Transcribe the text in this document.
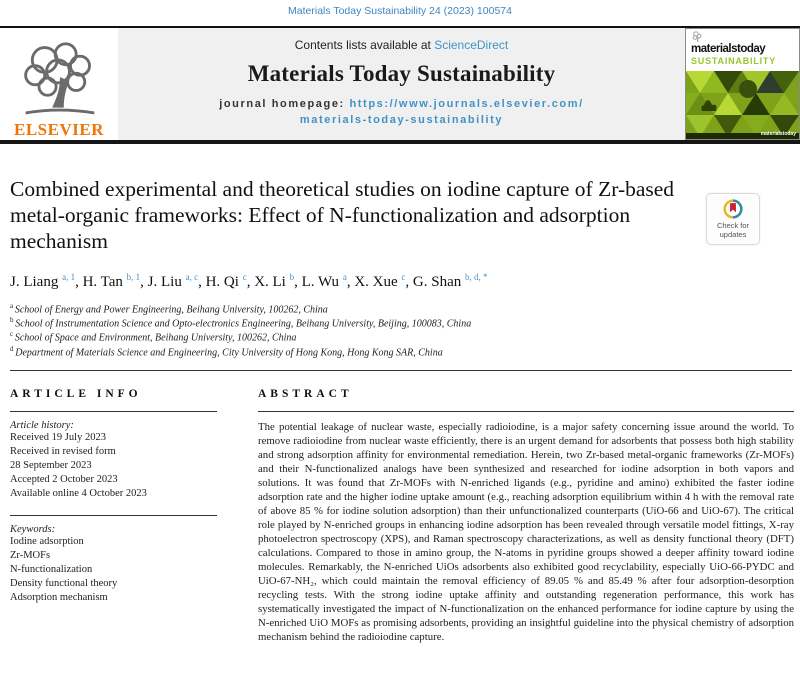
Materials Today Sustainability 24 (2023) 100574
ELSEVIER
Contents lists available at ScienceDirect
Materials Today Sustainability
journal homepage: https://www.journals.elsevier.com/
materials-today-sustainability
materialstoday
SUSTAINABILITY
materialstoday
Combined experimental and theoretical studies on iodine capture of Zr-based metal-organic frameworks: Effect of N-functionalization and adsorption mechanism
Check for updates
J. Liang $^{a, 1}$, H. Tan $^{b, 1}$, J. Liu $^{a, c}$, H. Qi $^c$, X. Li $^b$, L. Wu $^a$, X. Xue $^c$, G. Shan $^{b, d, *}$
$^a$ School of Energy and Power Engineering, Beihang University, 100262, China
$^b$ School of Instrumentation Science and Opto-electronics Engineering, Beihang University, Beijing, 100083, China
$^c$ School of Space and Environment, Beihang University, 100262, China
$^d$ Department of Materials Science and Engineering, City University of Hong Kong, Hong Kong SAR, China
ARTICLE INFO
Article history:
Received 19 July 2023
Received in revised form
28 September 2023
Accepted 2 October 2023
Available online 4 October 2023
Keywords:
Iodine adsorption
Zr-MOFs
N-functionalization
Density functional theory
Adsorption mechanism
ABSTRACT
The potential leakage of nuclear waste, especially radioiodine, is a major safety concerning issue around the world. To remove radioiodine from nuclear waste efficiently, there is an urgent demand for adsorbents that possess both high stability and strong adsorption affinity for environmental remediation. Herein, two Zr-based metal-organic frameworks (Zr-MOFs) and their N-functionalized analogs have been synthesized and researched for iodine adsorption in both vapors and solutions. It was found that Zr-MOFs with N-enriched ligands (e.g., pyridine and amino) exhibited the faster iodine adsorption rate and the higher iodine uptake amount (e.g., reaching adsorption equilibrium within 4 h with the removal rate of above 85 % for iodine solution adsorption) than their unfunctionalized counterparts (UiO-66 and UiO-67). The critical role played by N-enriched groups in enhancing iodine adsorption has been revealed through versatile model fittings, X-ray photoelectron spectroscopy (XPS), and Raman spectroscopy characterizations, as well as density functional theory (DFT) calculations. Compared to those in amino group, the N-atoms in pyridine groups showed a deeper affinity toward iodine molecules. Remarkably, the N-enriched UiOs adsorbents also exhibited good recyclability, especially UiO-66-PYDC and UiO-67-NH₂, which could maintain the removal efficiency of 89.05 % and 85.49 % after four adsorption-desorption recycling tests. With the strong iodine uptake affinity and outstanding regeneration performance, this work has systematically investigated the impact of N-functionalization on the enhanced performance for iodine capture by using the N-enriched UiO MOFs as promising adsorbents, providing an insightful guideline into the physical chemistry of adsorption mechanism behind the radioiodine capture.
